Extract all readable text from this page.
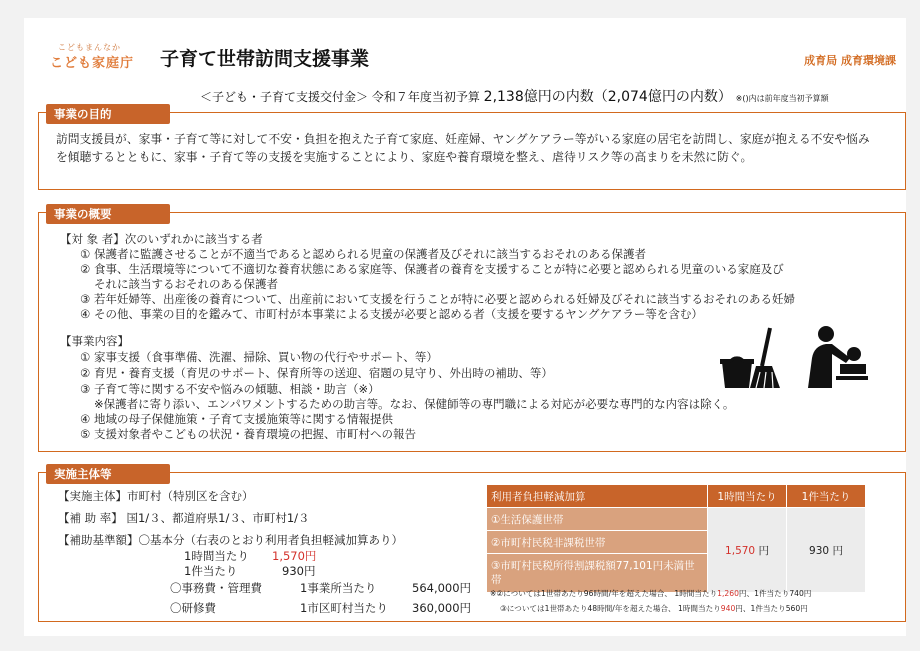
こどもまんなか
こども家庭庁 子育て世帯訪問支援事業	成育局 成育環境課
＜子ども・子育て支援交付金＞ 令和７年度当初予算 2,138億円の内数（2,074億円の内数） ※()内は前年度当初予算額
事業の目的
訪問支援員が、家事・子育て等に対して不安・負担を抱えた子育て家庭、妊産婦、ヤングケアラー等がいる家庭の居宅を訪問し、家庭が抱える不安や悩みを傾聴するとともに、家事・子育て等の支援を実施することにより、家庭や養育環境を整え、虐待リスク等の高まりを未然に防ぐ。
事業の概要
【対 象 者】次のいずれかに該当する者
① 保護者に監護させることが不適当であると認められる児童の保護者及びそれに該当するおそれのある保護者
② 食事、生活環境等について不適切な養育状態にある家庭等、保護者の養育を支援することが特に必要と認められる児童のいる家庭及び
それに該当するおそれのある保護者
③ 若年妊婦等、出産後の養育について、出産前において支援を行うことが特に必要と認められる妊婦及びそれに該当するおそれのある妊婦
④ その他、事業の目的を鑑みて、市町村が本事業による支援が必要と認める者（支援を要するヤングケアラー等を含む）
【事業内容】
① 家事支援（食事準備、洗濯、掃除、買い物の代行やサポート、等）
② 育児・養育支援（育児のサポート、保育所等の送迎、宿題の見守り、外出時の補助、等）
③ 子育て等に関する不安や悩みの傾聴、相談・助言（※）
※保護者に寄り添い、エンパワメントするための助言等。なお、保健師等の専門職による対応が必要な専門的な内容は除く。
④ 地域の母子保健施策・子育て支援施策等に関する情報提供
⑤ 支援対象者やこどもの状況・養育環境の把握、市町村への報告
実施主体等
【実施主体】市町村（特別区を含む）
【補 助 率】 国1/３、都道府県1/３、市町村1/３
【補助基準額】〇基本分（右表のとおり利用者負担軽減加算あり）
1時間当たり 1,570円
1件当たり	930円
〇事務費・管理費	1事業所当たり	564,000円
〇研修費	1市区町村当たり 360,000円
利用者負担軽減加算	1時間当たり	1件当たり
①生活保護世帯	1,570 円	930 円
②市町村民税非課税世帯		
③市町村民税所得割課税額77,101円未満世帯		
※②については1世帯あたり96時間/年を超えた場合、 1時間当たり1,260円、1件当たり740円
③については1世帯あたり48時間/年を超えた場合、 1時間当たり940円、1件当たり560円
